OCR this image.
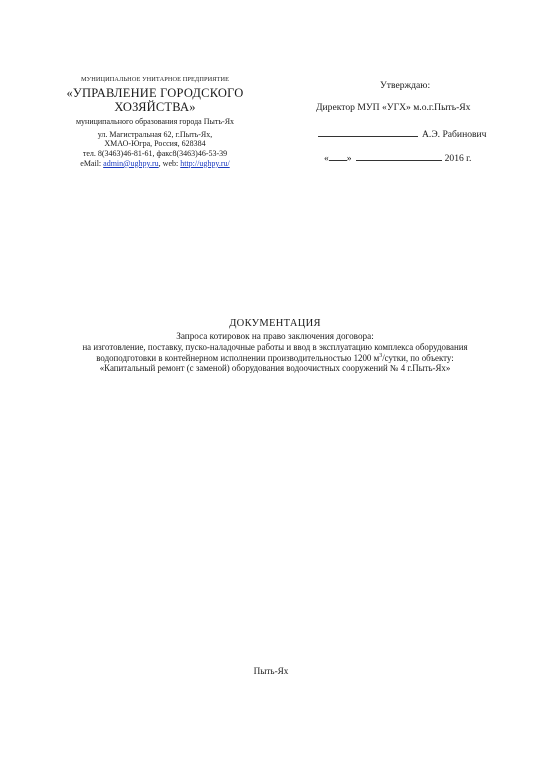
МУНИЦИПАЛЬНОЕ УНИТАРНОЕ ПРЕДПРИЯТИЕ
«УПРАВЛЕНИЕ ГОРОДСКОГО
ХОЗЯЙСТВА»
муниципального образования города Пыть-Ях
ул. Магистральная 62, г.Пыть-Ях,
ХМАО-Югра, Россия, 628384
тел. 8(3463)46-81-61, факс8(3463)46-53-39
eMail: admin@ughpy.ru, web: http://ughpy.ru/
Утверждаю:
Директор МУП «УГХ» м.о.г.Пыть-Ях
А.Э. Рабинович
« »	2016 г.
ДОКУМЕНТАЦИЯ
Запроса котировок на право заключения договора:
на изготовление, поставку, пуско-наладочные работы и ввод в эксплуатацию комплекса оборудования
водоподготовки в контейнерном исполнении производительностью 1200 $м^3$/сутки, по объекту:
«Капитальный ремонт (с заменой) оборудования водоочистных сооружений № 4 г.Пыть-Ях»
Пыть-Ях
